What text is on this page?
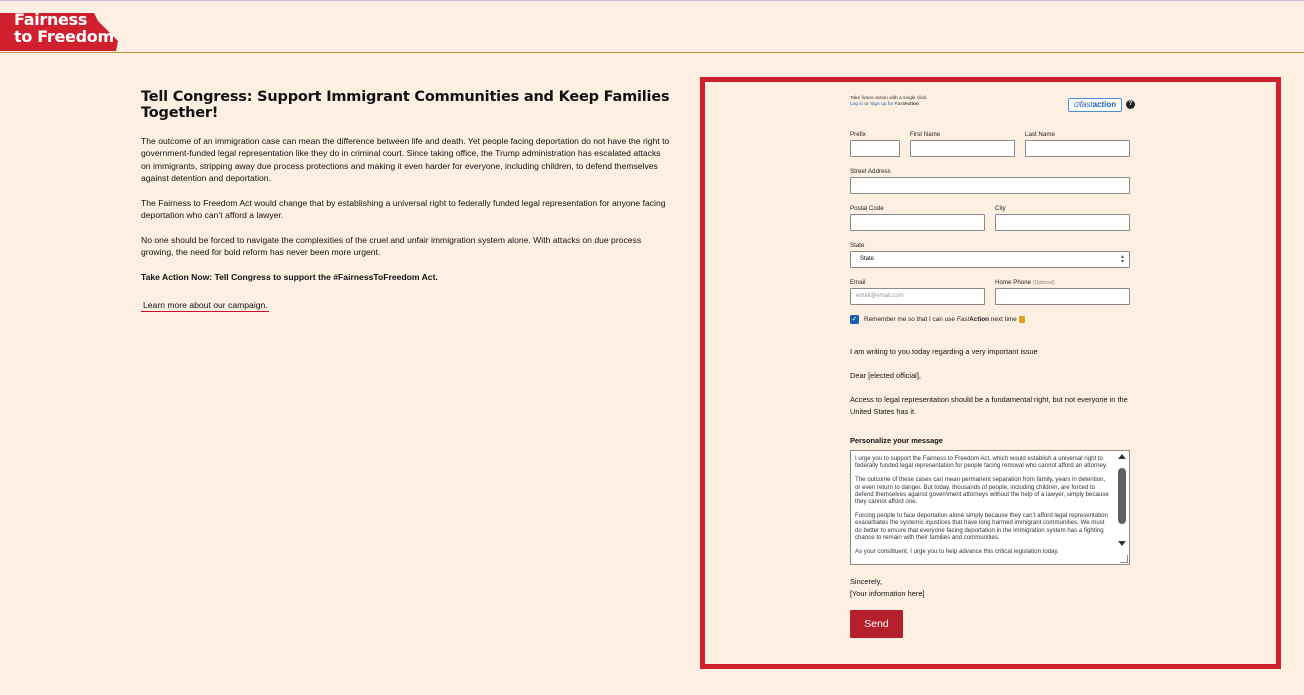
Fairness
to Freedom
Tell Congress: Support Immigrant Communities and Keep Families Together!

The outcome of an immigration case can mean the difference between life and death. Yet people facing deportation do not have the right to government-funded legal representation like they do in criminal court. Since taking office, the Trump administration has escalated attacks on immigrants, stripping away due process protections and making it even harder for everyone, including children, to defend themselves against detention and deportation.

The Fairness to Freedom Act would change that by establishing a universal right to federally funded legal representation for anyone facing deportation who can’t afford a lawyer.

No one should be forced to navigate the complexities of the cruel and unfair immigration system alone. With attacks on due process growing, the need for bold reform has never been more urgent.

Take Action Now: Tell Congress to support the #FairnessToFreedom Act.

Learn more about our campaign.
Take future action with a single click.
Log in or Sign up for FastAction	⊙fastaction	?
Prefix	First Name	Last Name
Street Address
Postal Code	City
State
State	▴
▾
Email	Home Phone (Optional)
email@email.com
✓ Remember me so that I can use FastAction next time
I am writing to you today regarding a very important issue
Dear [elected official],
Access to legal representation should be a fundamental right, but not everyone in the United States has it.
Personalize your message

I urge you to support the Fairness to Freedom Act, which would establish a universal right to federally funded legal representation for people facing removal who cannot afford an attorney.

The outcome of these cases can mean permanent separation from family, years in detention, or even return to danger. But today, thousands of people, including children, are forced to defend themselves against government attorneys without the help of a lawyer, simply because they cannot afford one.

Forcing people to face deportation alone simply because they can’t afford legal representation exacerbates the systemic injustices that have long harmed immigrant communities. We must do better to ensure that everyone facing deportation in the immigration system has a fighting chance to remain with their families and communities.

As your constituent, I urge you to help advance this critical legislation today.

Sincerely,
[Your information here]
Send
